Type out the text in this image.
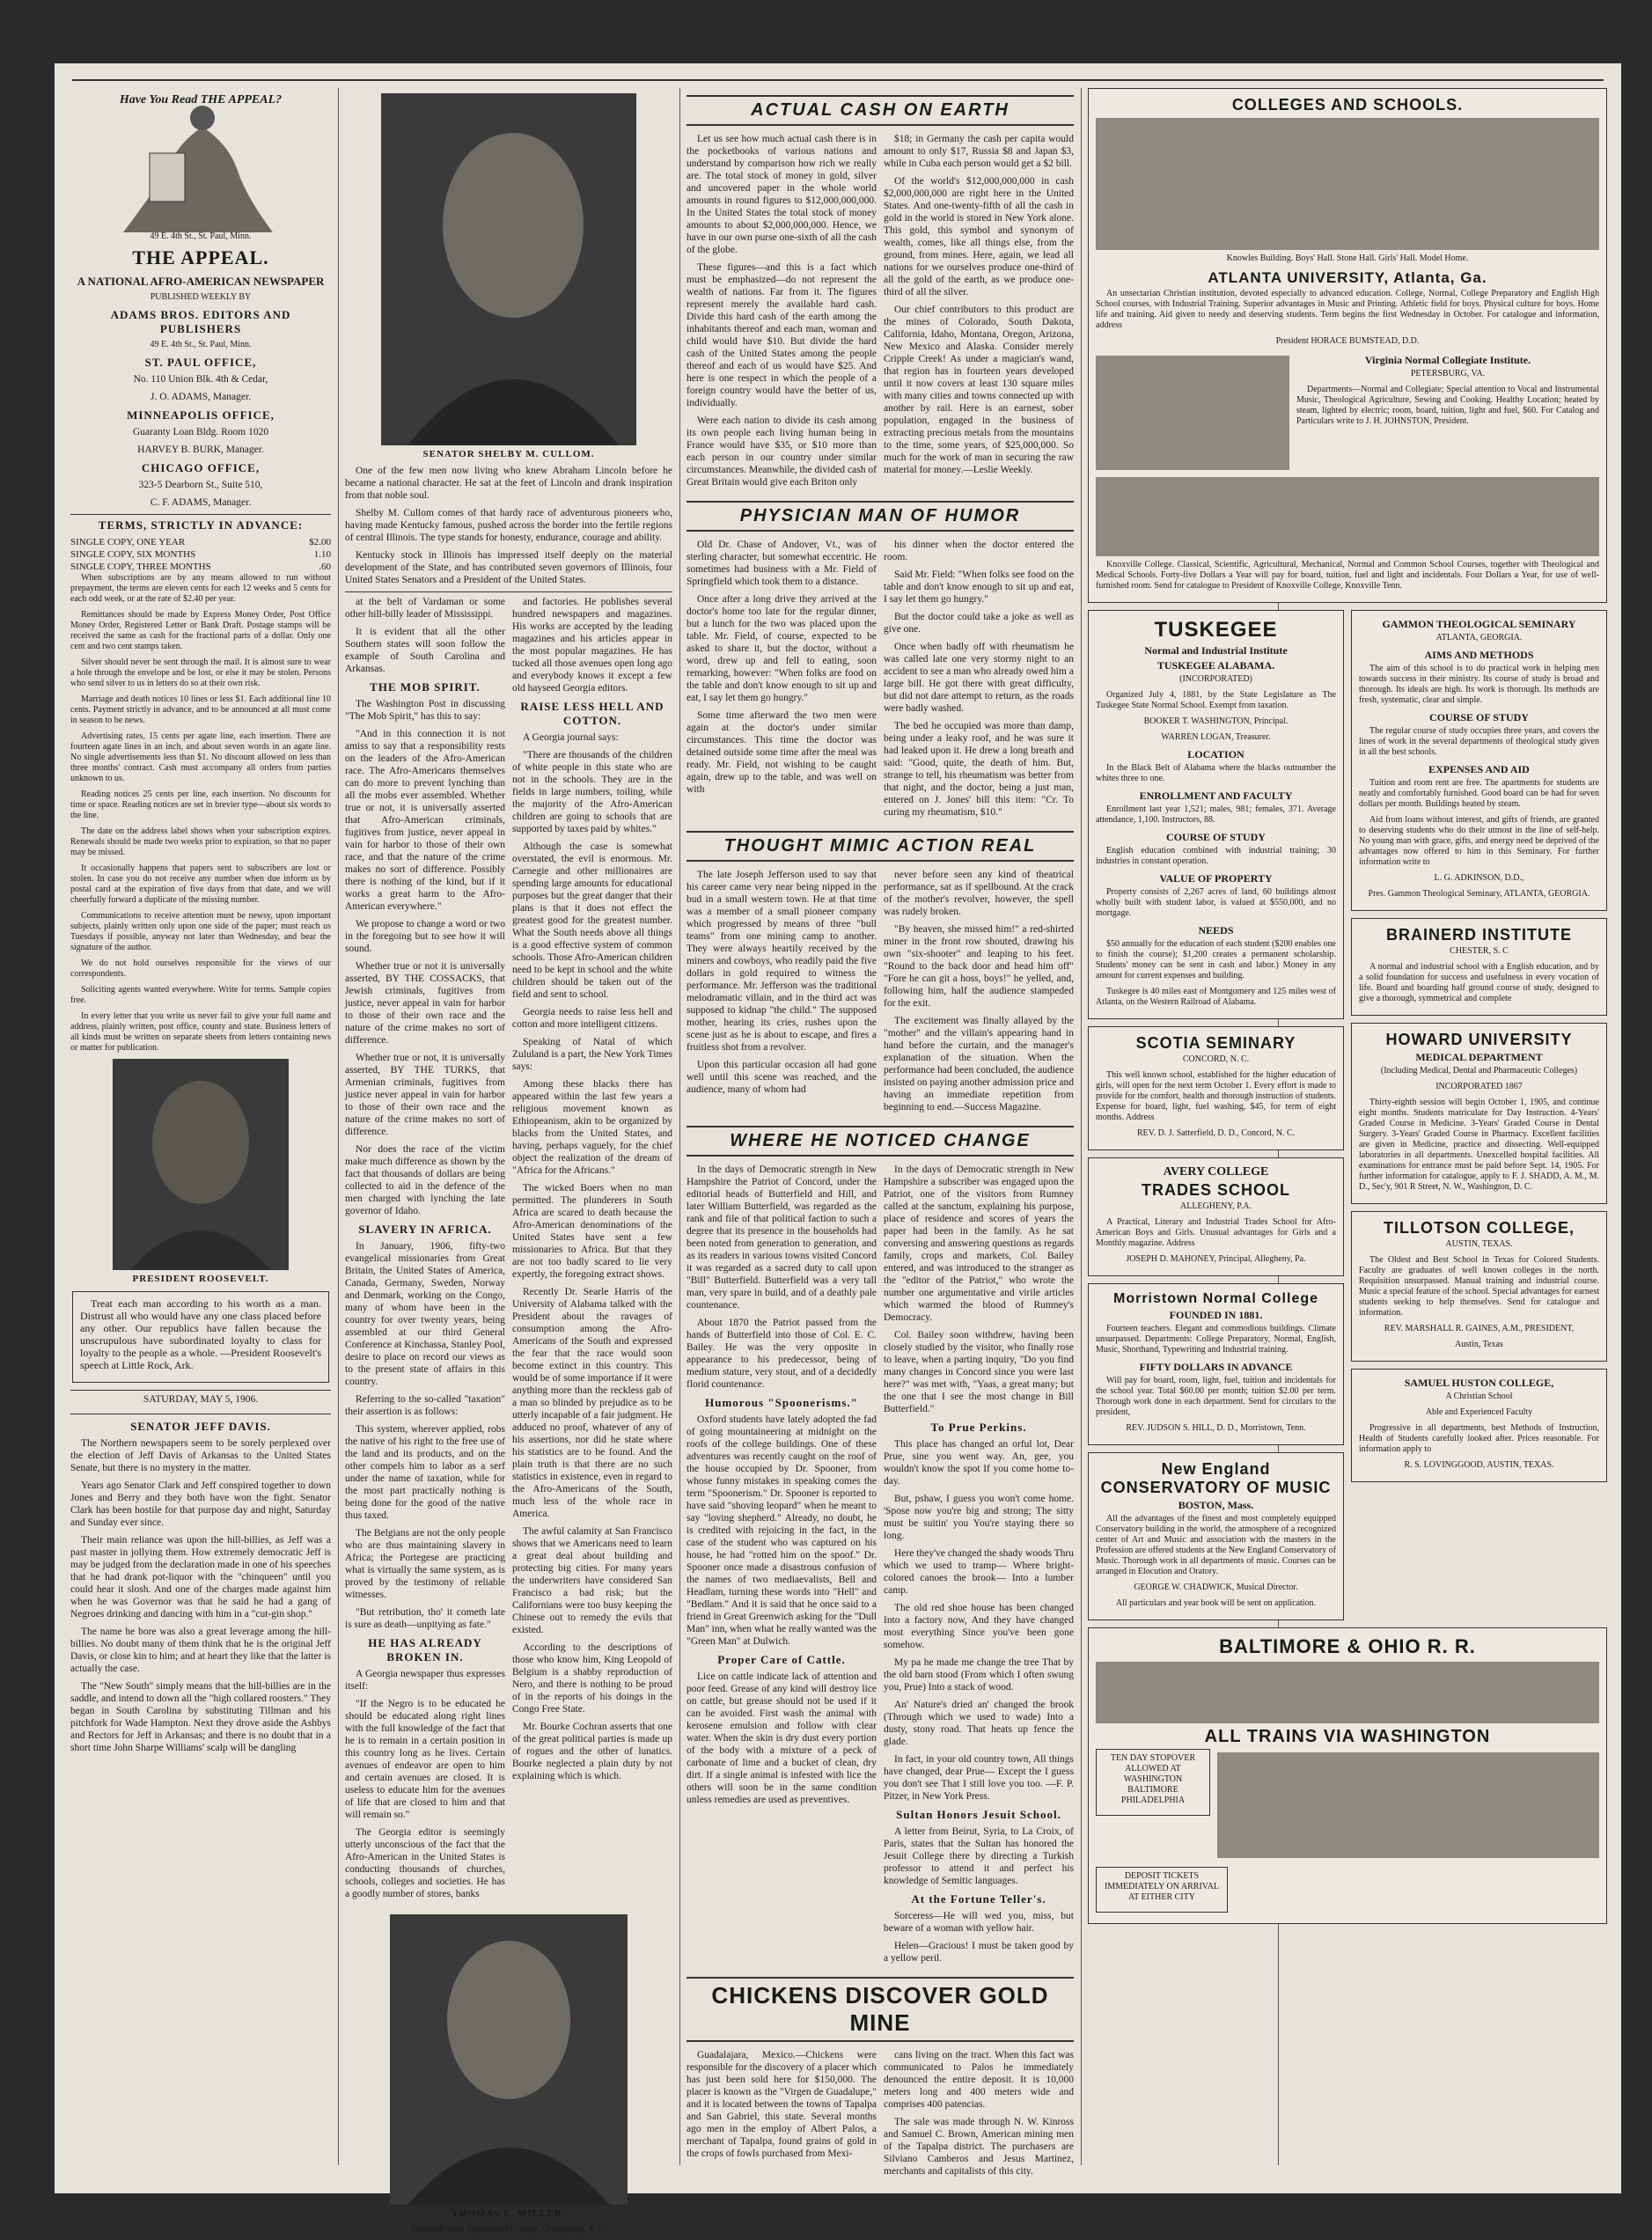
Have You Read THE APPEAL?
49 E. 4th St., St. Paul, Minn.
THE APPEAL.
A NATIONAL AFRO-AMERICAN NEWSPAPER

PUBLISHED WEEKLY BY

ADAMS BROS. EDITORS AND PUBLISHERS

49 E. 4th St., St. Paul, Minn.

ST. PAUL OFFICE,

No. 110 Union Blk. 4th & Cedar,

J. O. ADAMS, Manager.

MINNEAPOLIS OFFICE,

Guaranty Loan Bldg. Room 1020

HARVEY B. BURK, Manager.

CHICAGO OFFICE,

323-5 Dearborn St., Suite 510,

C. F. ADAMS, Manager.

TERMS, STRICTLY IN ADVANCE:
SINGLE COPY, ONE YEAR	$2.00
SINGLE COPY, SIX MONTHS	1.10
SINGLE COPY, THREE MONTHS	.60

When subscriptions are by any means allowed to run without prepayment, the terms are eleven cents for each 12 weeks and 5 cents for each odd week, or at the rate of $2.40 per year.

Remittances should be made by Express Money Order, Post Office Money Order, Registered Letter or Bank Draft. Postage stamps will be received the same as cash for the fractional parts of a dollar. Only one cent and two cent stamps taken.

Silver should never be sent through the mail. It is almost sure to wear a hole through the envelope and be lost, or else it may be stolen. Persons who send silver to us in letters do so at their own risk.

Marriage and death notices 10 lines or less $1. Each additional line 10 cents. Payment strictly in advance, and to be announced at all must come in season to be news.

Advertising rates, 15 cents per agate line, each insertion. There are fourteen agate lines in an inch, and about seven words in an agate line. No single advertisements less than $1. No discount allowed on less than three months' contract. Cash must accompany all orders from parties unknown to us.

Reading notices 25 cents per line, each insertion. No discounts for time or space. Reading notices are set in brevier type—about six words to the line.

The date on the address label shows when your subscription expires. Renewals should be made two weeks prior to expiration, so that no paper may be missed.

It occasionally happens that papers sent to subscribers are lost or stolen. In case you do not receive any number when due inform us by postal card at the expiration of five days from that date, and we will cheerfully forward a duplicate of the missing number.

Communications to receive attention must be newsy, upon important subjects, plainly written only upon one side of the paper; must reach us Tuesdays if possible, anyway not later than Wednesday, and bear the signature of the author.

We do not hold ourselves responsible for the views of our correspondents.

Soliciting agents wanted everywhere. Write for terms. Sample copies free.

In every letter that you write us never fail to give your full name and address, plainly written, post office, county and state. Business letters of all kinds must be written on separate sheets from letters containing news or matter for publication.

PRESIDENT ROOSEVELT.

Treat each man according to his worth as a man. Distrust all who would have any one class placed before any other. Our republics have fallen because the unscrupulous have subordinated loyalty to class for loyalty to the people as a whole. —President Roosevelt's speech at Little Rock, Ark.

SATURDAY, MAY 5, 1906.

SENATOR JEFF DAVIS.

The Northern newspapers seem to be sorely perplexed over the election of Jeff Davis of Arkansas to the United States Senate, but there is no mystery in the matter.

Years ago Senator Clark and Jeff conspired together to down Jones and Berry and they both have won the fight. Senator Clark has been hostile for that purpose day and night, Saturday and Sunday ever since.

Their main reliance was upon the hill-billies, as Jeff was a past master in jollying them. How extremely democratic Jeff is may be judged from the declaration made in one of his speeches that he had drank pot-liquor with the "chinqueen" until you could hear it slosh. And one of the charges made against him when he was Governor was that he said he had a gang of Negroes drinking and dancing with him in a "cut-gin shop."

The name he bore was also a great leverage among the hill-billies. No doubt many of them think that he is the original Jeff Davis, or close kin to him; and at heart they like that the latter is actually the case.

The "New South" simply means that the hill-billies are in the saddle, and intend to down all the "high collared roosters." They began in South Carolina by substituting Tillman and his pitchfork for Wade Hampton. Next they drove aside the Ashbys and Rectors for Jeff in Arkansas; and there is no doubt that in a short time John Sharpe Williams' scalp will be dangling

SENATOR SHELBY M. CULLOM.

One of the few men now living who knew Abraham Lincoln before he became a national character. He sat at the feet of Lincoln and drank inspiration from that noble soul.

Shelby M. Cullom comes of that hardy race of adventurous pioneers who, having made Kentucky famous, pushed across the border into the fertile regions of central Illinois. The type stands for honesty, endurance, courage and ability.

Kentucky stock in Illinois has impressed itself deeply on the material development of the State, and has contributed seven governors of Illinois, four United States Senators and a President of the United States.

at the belt of Vardaman or some other hill-billy leader of Mississippi.

It is evident that all the other Southern states will soon follow the example of South Carolina and Arkansas.

THE MOB SPIRIT.

The Washington Post in discussing "The Mob Spirit," has this to say:

"And in this connection it is not amiss to say that a responsibility rests on the leaders of the Afro-American race. The Afro-Americans themselves can do more to prevent lynching than all the mobs ever assembled. Whether true or not, it is universally asserted that Afro-American criminals, fugitives from justice, never appeal in vain for harbor to those of their own race, and that the nature of the crime makes no sort of difference. Possibly there is nothing of the kind, but if it works a great harm to the Afro-American everywhere."

We propose to change a word or two in the foregoing but to see how it will sound.

Whether true or not it is universally asserted, BY THE COSSACKS, that Jewish criminals, fugitives from justice, never appeal in vain for harbor to those of their own race and the nature of the crime makes no sort of difference.

Whether true or not, it is universally asserted, BY THE TURKS, that Armenian criminals, fugitives from justice never appeal in vain for harbor to those of their own race and the nature of the crime makes no sort of difference.

Nor does the race of the victim make much difference as shown by the fact that thousands of dollars are being collected to aid in the defence of the men charged with lynching the late governor of Idaho.

SLAVERY IN AFRICA.

In January, 1906, fifty-two evangelical missionaries from Great Britain, the United States of America, Canada, Germany, Sweden, Norway and Denmark, working on the Congo, many of whom have been in the country for over twenty years, being assembled at our third General Conference at Kinchassa, Stanley Pool, desire to place on record our views as to the present state of affairs in this country.

Referring to the so-called "taxation" their assertion is as follows:

This system, wherever applied, robs the native of his right to the free use of the land and its products, and on the other compels him to labor as a serf under the name of taxation, while for the most part practically nothing is being done for the good of the native thus taxed.

The Belgians are not the only people who are thus maintaining slavery in Africa; the Portegese are practicing what is virtually the same system, as is proved by the testimony of reliable witnesses.

"But retribution, tho' it cometh late is sure as death—unpitying as fate."

HE HAS ALREADY BROKEN IN.

A Georgia newspaper thus expresses itself:

"If the Negro is to be educated he should be educated along right lines with the full knowledge of the fact that he is to remain in a certain position in this country long as he lives. Certain avenues of endeavor are open to him and certain avenues are closed. It is useless to educate him for the avenues of life that are closed to him and that will remain so."

The Georgia editor is seemingly utterly unconscious of the fact that the Afro-American in the United States is conducting thousands of churches, schools, colleges and societies. He has a goodly number of stores, banks

and factories. He publishes several hundred newspapers and magazines. His works are accepted by the leading magazines and his articles appear in the most popular magazines. He has tucked all those avenues open long ago and everybody knows it except a few old hayseed Georgia editors.

RAISE LESS HELL AND COTTON.

A Georgia journal says:

"There are thousands of the children of white people in this state who are not in the schools. They are in the fields in large numbers, toiling, while the majority of the Afro-American children are going to schools that are supported by taxes paid by whites."

Although the case is somewhat overstated, the evil is enormous. Mr. Carnegie and other millionaires are spending large amounts for educational purposes but the great danger that their plans is that it does not effect the greatest good for the greatest number. What the South needs above all things is a good effective system of common schools. Those Afro-American children need to be kept in school and the white children should be taken out of the field and sent to school.

Georgia needs to raise less hell and cotton and more intelligent citizens.

Speaking of Natal of which Zululand is a part, the New York Times says:

Among these blacks there has appeared within the last few years a religious movement known as Ethiopeanism, akin to be organized by blacks from the United States, and having, perhaps vaguely, for the chief object the realization of the dream of "Africa for the Africans."

The wicked Boers when no man permitted. The plunderers in South Africa are scared to death because the Afro-American denominations of the United States have sent a few missionaries to Africa. But that they are not too badly scared to lie very expertly, the foregoing extract shows.

Recently Dr. Searle Harris of the University of Alabama talked with the President about the ravages of consumption among the Afro-Americans of the South and expressed the fear that the race would soon become extinct in this country. This would be of some importance if it were anything more than the reckless gab of a man so blinded by prejudice as to be utterly incapable of a fair judgment. He adduced no proof, whatever of any of his assertions, nor did he state where his statistics are to be found. And the plain truth is that there are no such statistics in existence, even in regard to the Afro-Americans of the South, much less of the whole race in America.

The awful calamity at San Francisco shows that we Americans need to learn a great deal about building and protecting big cities. For many years the underwriters have considered San Francisco a bad risk; but the Californians were too busy keeping the Chinese out to remedy the evils that existed.

According to the descriptions of those who know him, King Leopold of Belgium is a shabby reproduction of Nero, and there is nothing to be proud of in the reports of his doings in the Congo Free State.

Mr. Bourke Cochran asserts that one of the great political parties is made up of rogues and the other of lunatics. Bourke neglected a plain duty by not explaining which is which.

THOMAS E. MILLER.

President State Agricultural College, Orangeburg, S. C.

ACTUAL CASH ON EARTH

Let us see how much actual cash there is in the pocketbooks of various nations and understand by comparison how rich we really are. The total stock of money in gold, silver and uncovered paper in the whole world amounts in round figures to $12,000,000,000. In the United States the total stock of money amounts to about $2,000,000,000. Hence, we have in our own purse one-sixth of all the cash of the globe.

These figures—and this is a fact which must be emphasized—do not represent the wealth of nations. Far from it. The figures represent merely the available hard cash. Divide this hard cash of the earth among the inhabitants thereof and each man, woman and child would have $10. But divide the hard cash of the United States among the people thereof and each of us would have $25. And here is one respect in which the people of a foreign country would have the better of us, individually.

Were each nation to divide its cash among its own people each living human being in France would have $35, or $10 more than each person in our country under similar circumstances. Meanwhile, the divided cash of Great Britain would give each Briton only

$18; in Germany the cash per capita would amount to only $17, Russia $8 and Japan $3, while in Cuba each person would get a $2 bill.

Of the world's $12,000,000,000 in cash $2,000,000,000 are right here in the United States. And one-twenty-fifth of all the cash in gold in the world is stored in New York alone. This gold, this symbol and synonym of wealth, comes, like all things else, from the ground, from mines. Here, again, we lead all nations for we ourselves produce one-third of all the gold of the earth, as we produce one-third of all the silver.

Our chief contributors to this product are the mines of Colorado, South Dakota, California, Idaho, Montana, Oregon, Arizona, New Mexico and Alaska. Consider merely Cripple Creek! As under a magician's wand, that region has in fourteen years developed until it now covers at least 130 square miles with many cities and towns connected up with another by rail. Here is an earnest, sober population, engaged in the business of extracting precious metals from the mountains to the time, some years, of $25,000,000. So much for the work of man in securing the raw material for money.—Leslie Weekly.

PHYSICIAN MAN OF HUMOR

Old Dr. Chase of Andover, Vt., was of sterling character, but somewhat eccentric. He sometimes had business with a Mr. Field of Springfield which took them to a distance.

Once after a long drive they arrived at the doctor's home too late for the regular dinner, but a lunch for the two was placed upon the table. Mr. Field, of course, expected to be asked to share it, but the doctor, without a word, drew up and fell to eating, soon remarking, however: "When folks are food on the table and don't know enough to sit up and eat, I say let them go hungry."

Some time afterward the two men were again at the doctor's under similar circumstances. This time the doctor was detained outside some time after the meal was ready. Mr. Field, not wishing to be caught again, drew up to the table, and was well on with

his dinner when the doctor entered the room.

Said Mr. Field: "When folks see food on the table and don't know enough to sit up and eat, I say let them go hungry."

But the doctor could take a joke as well as give one.

Once when badly off with rheumatism he was called late one very stormy night to an accident to see a man who already owed him a large bill. He got there with great difficulty, but did not dare attempt to return, as the roads were badly washed.

The bed he occupied was more than damp, being under a leaky roof, and he was sure it had leaked upon it. He drew a long breath and said: "Good, quite, the death of him. But, strange to tell, his rheumatism was better from that night, and the doctor, being a just man, entered on J. Jones' bill this item: "Cr. To curing my rheumatism, $10."

THOUGHT MIMIC ACTION REAL

The late Joseph Jefferson used to say that his career came very near being nipped in the bud in a small western town. He at that time was a member of a small pioneer company which progressed by means of three "bull teams" from one mining camp to another. They were always heartily received by the miners and cowboys, who readily paid the five dollars in gold required to witness the performance. Mr. Jefferson was the traditional melodramatic villain, and in the third act was supposed to kidnap "the child." The supposed mother, hearing its cries, rushes upon the scene just as he is about to escape, and fires a fruitless shot from a revolver.

Upon this particular occasion all had gone well until this scene was reached, and the audience, many of whom had

never before seen any kind of theatrical performance, sat as if spellbound. At the crack of the mother's revolver, however, the spell was rudely broken.

"By heaven, she missed him!" a red-shirted miner in the front row shouted, drawing his own "six-shooter" and leaping to his feet. "Round to the back door and head him off" "Fore he can git a hoss, boys!" he yelled, and, following him, half the audience stampeded for the exit.

The excitement was finally allayed by the "mother" and the villain's appearing hand in hand before the curtain, and the manager's explanation of the situation. When the performance had been concluded, the audience insisted on paying another admission price and having an immediate repetition from beginning to end.—Success Magazine.

WHERE HE NOTICED CHANGE

In the days of Democratic strength in New Hampshire the Patriot of Concord, under the editorial heads of Butterfield and Hill, and later William Butterfield, was regarded as the rank and file of that political faction to such a degree that its presence in the households had been noted from generation to generation, and as its readers in various towns visited Concord it was regarded as a sacred duty to call upon "Bill" Butterfield. Butterfield was a very tall man, very spare in build, and of a deathly pale countenance.

About 1870 the Patriot passed from the hands of Butterfield into those of Col. E. C. Bailey. He was the very opposite in appearance to his predecessor, being of medium stature, very stout, and of a decidedly florid countenance.

Humorous "Spoonerisms."

Oxford students have lately adopted the fad of going mountaineering at midnight on the roofs of the college buildings. One of these adventures was recently caught on the roof of the house occupied by Dr. Spooner, from whose funny mistakes in speaking comes the term "Spoonerism." Dr. Spooner is reported to have said "shoving leopard" when he meant to say "loving shepherd." Already, no doubt, he is credited with rejoicing in the fact, in the case of the student who was captured on his house, he had "rotted him on the spoof." Dr. Spooner once made a disastrous confusion of the names of two mediaevalists, Bell and Headlam, turning these words into "Hell" and "Bedlam." And it is said that he once said to a friend in Great Greenwich asking for the "Dull Man" inn, when what he really wanted was the "Green Man" at Dulwich.

Proper Care of Cattle.

Lice on cattle indicate lack of attention and poor feed. Grease of any kind will destroy lice on cattle, but grease should not be used if it can be avoided. First wash the animal with kerosene emulsion and follow with clear water. When the skin is dry dust every portion of the body with a mixture of a peck of carbonate of lime and a bucket of clean, dry dirt. If a single animal is infested with lice the others will soon be in the same condition unless remedies are used as preventives.

In the days of Democratic strength in New Hampshire a subscriber was engaged upon the Patriot, one of the visitors from Rumney called at the sanctum, explaining his purpose, place of residence and scores of years the paper had been in the family. As he sat conversing and answering questions as regards family, crops and markets, Col. Bailey entered, and was introduced to the stranger as the "editor of the Patriot," who wrote the number one argumentative and virile articles which warmed the blood of Rumney's Democracy.

Col. Bailey soon withdrew, having been closely studied by the visitor, who finally rose to leave, when a parting inquiry, "Do you find many changes in Concord since you were last here?" was met with, "Yaas, a great many; but the one that I see the most change in Bill Butterfield."

To Prue Perkins.

This place has changed an orful lot, Dear Prue, sine you went way. An, gee, you wouldn't know the spot If you come home to-day.

But, pshaw, I guess you won't come home. 'Spose now you're big and strong; The sitty must be suitin' you You're staying there so long.

Here they've changed the shady woods Thru which we used to tramp— Where bright-colored canoes the brook— Into a lumber camp.

The old red shoe house has been changed Into a factory now, And they have changed most everything Since you've been gone somehow.

My pa he made me change the tree That by the old barn stood (From which I often swung you, Prue) Into a stack of wood.

An' Nature's dried an' changed the brook (Through which we used to wade) Into a dusty, stony road. That heats up fence the glade.

In fact, in your old country town, All things have changed, dear Prue— Except the I guess you don't see That I still love you too. —F. P. Pitzer, in New York Press.

Sultan Honors Jesuit School.

A letter from Beirut, Syria, to La Croix, of Paris, states that the Sultan has honored the Jesuit College there by directing a Turkish professor to attend it and perfect his knowledge of Semitic languages.

At the Fortune Teller's.

Sorceress—He will wed you, miss, but beware of a woman with yellow hair.

Helen—Gracious! I must be taken good by a yellow peril.

CHICKENS DISCOVER GOLD MINE

Guadalajara, Mexico.—Chickens were responsible for the discovery of a placer which has just been sold here for $150,000. The placer is known as the "Virgen de Guadalupe," and it is located between the towns of Tapalpa and San Gabriel, this state. Several months ago men in the employ of Albert Palos, a merchant of Tapalpa, found grains of gold in the crops of fowls purchased from Mexi-

cans living on the tract. When this fact was communicated to Palos he immediately denounced the entire deposit. It is 10,000 meters long and 400 meters wide and comprises 400 patencias.

The sale was made through N. W. Kinross and Samuel C. Brown, American mining men of the Tapalpa district. The purchasers are Silviano Camberos and Jesus Martinez, merchants and capitalists of this city.

COLLEGES AND SCHOOLS.

Knowles Building. Boys' Hall. Stone Hall. Girls' Hall. Model Home.

ATLANTA UNIVERSITY, Atlanta, Ga.

An unsectarian Christian institution, devoted especially to advanced education. College, Normal, College Preparatory and English High School courses, with Industrial Training. Superior advantages in Music and Printing. Athletic field for boys. Physical culture for boys. Home life and training. Aid given to needy and deserving students. Term begins the first Wednesday in October. For catalogue and information, address

President HORACE BUMSTEAD, D.D.

Virginia Normal Collegiate Institute.

PETERSBURG, VA.

Departments—Normal and Collegiate; Special attention to Vocal and Instrumental Music, Theological Agriculture, Sewing and Cooking. Healthy Location; heated by steam, lighted by electric; room, board, tuition, light and fuel, $60. For Catalog and Particulars write to J. H. JOHNSTON, President.

Knoxville College. Classical, Scientific, Agricultural, Mechanical, Normal and Common School Courses, together with Theological and Medical Schools. Forty-five Dollars a Year will pay for board, tuition, fuel and light and incidentals. Four Dollars a Year, for use of well-furnished room. Send for catalogue to President of Knoxville College, Knoxville Tenn.

TUSKEGEE
Normal and Industrial Institute
TUSKEGEE ALABAMA.

(INCORPORATED)

Organized July 4, 1881, by the State Legislature as The Tuskegee State Normal School. Exempt from taxation.

BOOKER T. WASHINGTON, Principal.

WARREN LOGAN, Treasurer.

LOCATION

In the Black Belt of Alabama where the blacks outnumber the whites three to one.

ENROLLMENT AND FACULTY

Enrollment last year 1,521; males, 981; females, 371. Average attendance, 1,100. Instructors, 88.

COURSE OF STUDY

English education combined with industrial training; 30 industries in constant operation.

VALUE OF PROPERTY

Property consists of 2,267 acres of land, 60 buildings almost wholly built with student labor, is valued at $550,000, and no mortgage.

NEEDS

$50 annually for the education of each student ($200 enables one to finish the course); $1,200 creates a permanent scholarship. Students' money can be sent in cash and labor.) Money in any amount for current expenses and building.

Tuskegee is 40 miles east of Montgomery and 125 miles west of Atlanta, on the Western Railroad of Alabama.

SCOTIA SEMINARY

CONCORD, N. C.

This well known school, established for the higher education of girls, will open for the next term October 1. Every effort is made to provide for the comfort, health and thorough instruction of students. Expense for board, light, fuel washing, $45, for term of eight months. Address

REV. D. J. Satterfield, D. D., Concord, N. C.

AVERY COLLEGE
TRADES SCHOOL

ALLEGHENY, P.A.

A Practical, Literary and Industrial Trades School for Afro-American Boys and Girls. Unusual advantages for Girls and a Monthly magazine. Address

JOSEPH D. MAHONEY, Principal, Allegheny, Pa.

Morristown Normal College
FOUNDED IN 1881.

Fourteen teachers. Elegant and commodious buildings. Climate unsurpassed. Departments: College Preparatory, Normal, English, Music, Shorthand, Typewriting and Industrial training.

FIFTY DOLLARS IN ADVANCE

Will pay for board, room, light, fuel, tuition and incidentals for the school year. Total $60.00 per month; tuition $2.00 per term. Thorough work done in each department. Send for circulars to the president,

REV. JUDSON S. HILL, D. D., Morristown, Tenn.

New England CONSERVATORY OF MUSIC
BOSTON, Mass.

All the advantages of the finest and most completely equipped Conservatory building in the world, the atmosphere of a recognized center of Art and Music and association with the masters in the Profession are offered students at the New England Conservatory of Music. Thorough work in all departments of music. Courses can be arranged in Elocution and Oratory.

GEORGE W. CHADWICK, Musical Director.

All particulars and year book will be sent on application.

GAMMON THEOLOGICAL SEMINARY

ATLANTA, GEORGIA.

AIMS AND METHODS

The aim of this school is to do practical work in helping men towards success in their ministry. Its course of study is broad and thorough. Its ideals are high. Its work is thorough. Its methods are fresh, systematic, clear and simple.

COURSE OF STUDY

The regular course of study occupies three years, and covers the lines of work in the several departments of theological study given in all the best schools.

EXPENSES AND AID

Tuition and room rent are free. The apartments for students are neatly and comfortably furnished. Good board can be had for seven dollars per month. Buildings heated by steam.

Aid from loans without interest, and gifts of friends, are granted to deserving students who do their utmost in the line of self-help. No young man with grace, gifts, and energy need be deprived of the advantages now offered to him in this Seminary. For further information write to

L. G. ADKINSON, D.D.,

Pres. Gammon Theological Seminary, ATLANTA, GEORGIA.

BRAINERD INSTITUTE

CHESTER, S. C

A normal and industrial school with a English education, and by a solid foundation for success and usefulness in every vocation of life. Board and boarding half ground course of study, designed to give a thorough, symmetrical and complete

HOWARD UNIVERSITY
MEDICAL DEPARTMENT

(Including Medical, Dental and Pharmaceutic Colleges)

INCORPORATED 1867

Thirty-eighth session will begin October 1, 1905, and continue eight months. Students matriculate for Day Instruction. 4-Years' Graded Course in Medicine. 3-Years' Graded Course in Dental Surgery. 3-Years' Graded Course in Pharmacy. Excellent facilities are given in Medicine, practice and dissecting. Well-equipped laboratories in all departments. Unexcelled hospital facilities. All examinations for entrance must be paid before Sept. 14, 1905. For further information for catalogue, apply to F. J. SHADD, A. M., M. D., Sec'y, 901 R Street, N. W., Washington, D. C.

TILLOTSON COLLEGE,

AUSTIN, TEXAS.

The Oldest and Best School in Texas for Colored Students. Faculty are graduates of well known colleges in the north. Requisition unsurpassed. Manual training and industrial course. Music a special feature of the school. Special advantages for earnest students seeking to help themselves. Send for catalogue and information.

REV. MARSHALL R. GAINES, A.M., PRESIDENT,

Austin, Texas

SAMUEL HUSTON COLLEGE,

A Christian School

Able and Experienced Faculty

Progressive in all departments, best Methods of Instruction, Health of Students carefully looked after. Prices reasonable. For information apply to

R. S. LOVINGGOOD, AUSTIN, TEXAS.

BALTIMORE & OHIO R. R.
ALL TRAINS VIA WASHINGTON

TEN DAY STOPOVER ALLOWED AT WASHINGTON BALTIMORE PHILADELPHIA

DEPOSIT TICKETS IMMEDIATELY ON ARRIVAL AT EITHER CITY
